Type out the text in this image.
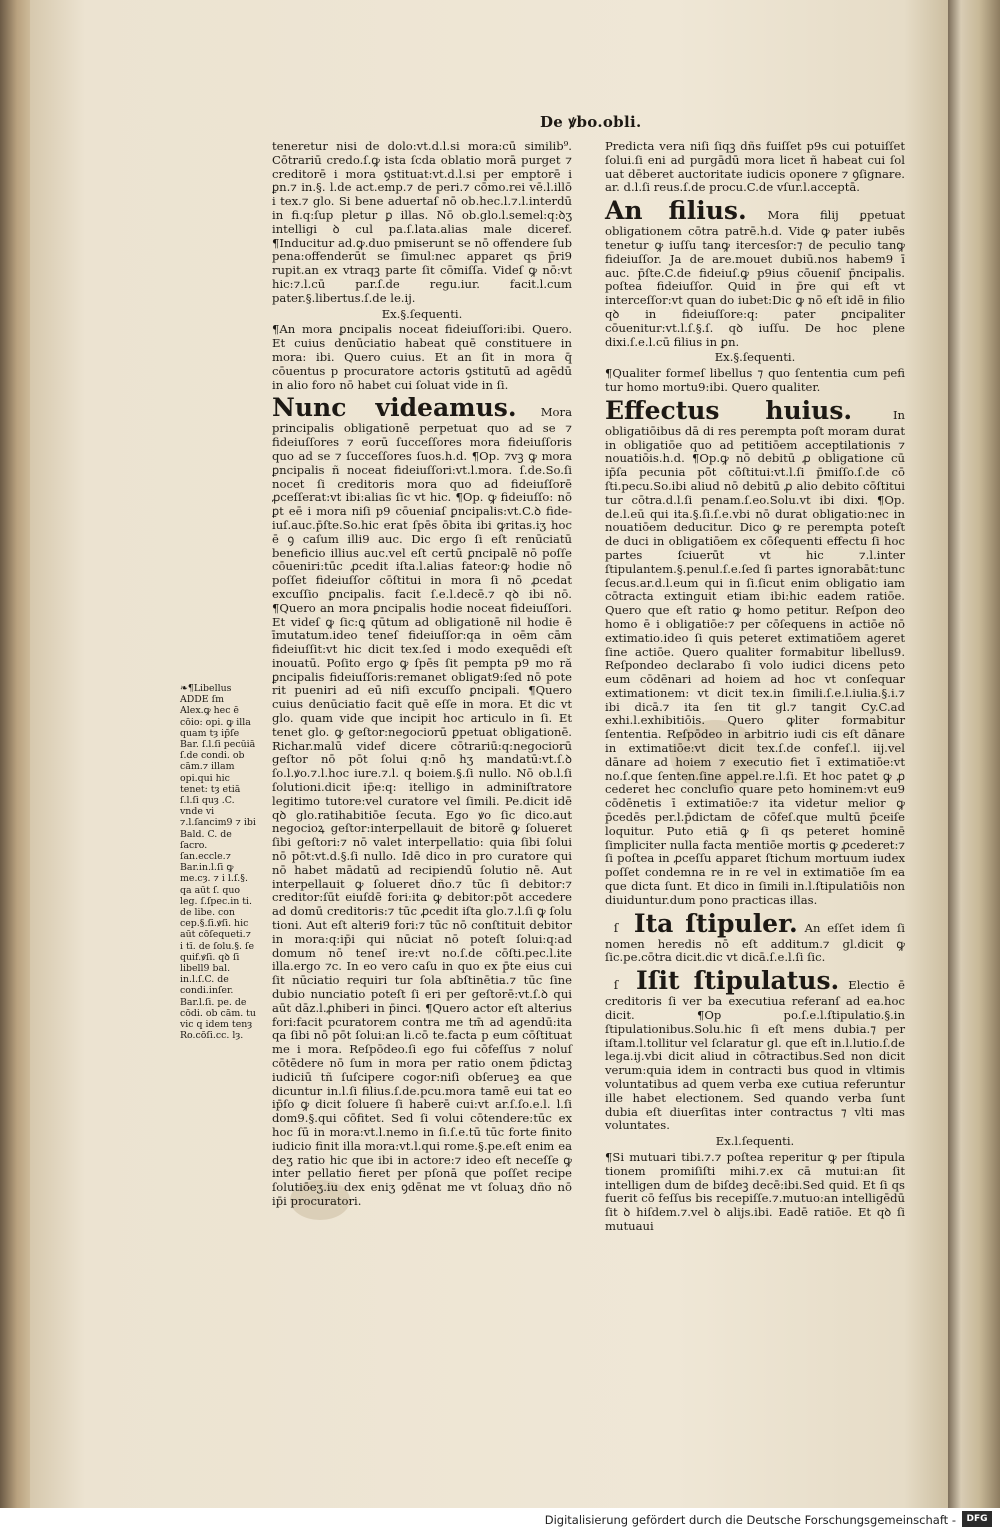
De ꝟbo.obli.
❧¶Libellus ADDE ſm Alex.ꝙ hec ē cōio: opi. ꝙ illa quam tȝ ip̄ſe Bar. ſ.l.ſi pecūiā ſ.de condi. ob cām.⁊ illam opi.qui hic tenet: tȝ etiā ſ.l.ſi quȝ .C. vnde vi ⁊.l.ſancim9 ⁊ ibi Bald. C. de ſacro. ſan.eccle.⁊ Bar.in.l.ſi ꝙ me.cȝ. ⁊ i l.ſ.§. qa aūt ſ. quo leg. ſ.ſpec.in ti. de libe. con cep.§.ſi.ꝟſi. hic aūt cōſequeti.⁊ i tī. de ſolu.§. ſe quif.ꝟſi. qꝺ ſi libell9 bal. in.l.ſ.C. de condi.inſer. Bar.l.ſi. pe. de cōdi. ob cām. tu vic q idem tenȝ Ro.cōſi.cc. lȝ.

teneretur nisi de dolo:vt.d.l.si mora:cū similib⁹. Cōtrariū credo.ſ.ꝙ ista ſcda oblatio morā purget ⁊ creditorē i mora ꝯstituat:vt.d.l.si per emptorē i ꝑn.⁊ in.§. l.de act.emp.⁊ de peri.⁊ cōmo.rei vē.l.illō i tex.⁊ glo. Si bene aduertaſ nō ob.hec.l.⁊.l.interdū in fi.q:ſup pletur ꝑ illas. Nō ob.glo.l.semel:q:ꝺʒ intelligi ꝺ cul pa.ſ.lata.alias male diceref. ¶Inducitur ad.ꝙ.duo pmiserunt se nō offendere ſub pena:offenderūt se ſimul:nec apparet qs p̄ri9 rupit.an ex vtraqꝫ parte ſit cōmiſſa. Videſ ꝙ nō:vt hic:⁊.l.cū par.ſ.de regu.iur. facit.l.cum pater.§.libertus.ſ.de le.ij.

Ex.§.ſequenti.

¶An mora ꝑncipalis noceat fideiuſſori:ibi. Quero. Et cuius denūciatio habeat quē constituere in mora: ibi. Quero cuius. Et an ſit in mora q̄ cōuentus p procuratore actoris ꝯstitutū ad agēdū in alio foro nō habet cui ſoluat vide in ſi.

Nunc videamus. Mora principalis obligationē perpetuat quo ad se ⁊ fideiuſſores ⁊ eorū ſucceſſores mora fideiuſſoris quo ad se ⁊ ſucceſſores ſuos.h.d. ¶Op. ⁊vꝫ ꝙ mora ꝑncipalis ñ noceat fideiuſſori:vt.l.mora. ſ.de.So.ſi nocet ſi creditoris mora quo ad fideiuſſorē ꝓceſſerat:vt ibi:alias ſic vt hic. ¶Op. ꝙ fideiuſſo: nō ꝑt eē i mora niſi p9 cōueniaſ ꝑncipalis:vt.C.ꝺ fideiuſ.auc.p̄ſte.So.hic erat ſpēs ōbita ibi ꝙritas.iʒ hoc ē ꝯ caſum illi9 auc. Dic ergo ſi eſt renūciatū beneficio illius auc.vel eſt certū ꝑncipalē nō poſſe cōueniri:tūc ꝓcedit iſta.l.alias fateor:ꝙ hodie nō poſſet fideiuſſor cōſtitui in mora ſi nō ꝓcedat excuſſio ꝑncipalis. facit ſ.e.l.decē.⁊ qꝺ ibi nō. ¶Quero an mora ꝑncipalis hodie noceat fideiuſſori. Et videſ ꝙ ſic:ꝗ qūtum ad obligationē nil hodie ē īmutatum.ideo teneſ fideiuſſor:qa in oēm cām fideiuſſit:vt hic dicit tex.ſed i modo exequēdi eſt inouatū. Poſito ergo ꝙ ſpēs ſit pempta p9 mo ră ꝑncipalis fideiuſſoris:remanet obligat9:ſed nō pote rit pueniri ad eū niſi excuſſo ꝑncipali. ¶Quero cuius denūciatio facit quē eſſe in mora. Et dic vt glo. quam vide que incipit hoc articulo in ſi. Et tenet glo. ꝙ geſtor:negociorū ꝑpetuat obligationē. Richar.malū videf dicere cōtrariū:q:negociorū geſtor nō pōt ſolui q:nō hʒ mandatū:vt.ſ.ꝺ ſo.l.ꝟo.⁊.l.hoc iure.⁊.l. q boiem.§.ſi nullo. Nō ob.l.ſi ſolutioni.dicit ip̄e:q: itelligo in adminiſtratore legitimo tutore:vel curatore vel ſimili. Pe.dicit idē qꝺ glo.ratihabitiōe ſecuta. Ego ꝟo ſic dico.aut negocioꝝ geſtor:interpellauit de bitorē ꝙ ſolueret ſibi geſtori:⁊ nō valet interpellatio: quia ſibi ſolui nō pōt:vt.d.§.ſi nullo. Idē dico in pro curatore qui nō habet mādatū ad recipiendū ſolutio nē. Aut interpellauit ꝙ ſolueret dño.⁊ tūc ſi debitor:⁊ creditor:ſūt eiuſdē fori:ita ꝙ debitor:pōt accedere ad domū creditoris:⁊ tūc ꝓcedit iſta glo.⁊.l.ſi ꝙ ſolu tioni. Aut eſt alteri9 fori:⁊ tūc nō conſtituit debitor in mora:q:ip̄i qui nūciat nō poteſt ſolui:q:ad domum nō teneſ ire:vt no.ſ.de cōſti.pec.l.ite illa.ergo ⁊c. In eo vero caſu in quo ex p̄te eius cui ſit nūciatio requiri tur ſola abſtinētia.⁊ tūc ſine dubio nunciatio poteſt ſi eri per geſtorē:vt.ſ.ꝺ qui aūt dāz.l.ꝓhiberi in p̄inci. ¶Quero actor eſt alterius fori:facit pcuratorem contra me tm̄ ad agendū:ita qa ſibi nō pōt ſolui:an li.cō te.facta p eum cōſtituat me i mora. Reſpōdeo.ſi ego fui cōfeſſus ⁊ noluſ cōtēdere nō ſum in mora per ratio onem p̄dictaꝫ iudiciū tñ ſuſcipere cogor:niſi obſerueꝫ ea que dicuntur in.l.ſi filius.ſ.de.pcu.mora tamē eui tat eo ip̄ſo ꝙ dicit ſoluere ſi haberē cui:vt ar.ſ.ſo.e.l. l.ſi dom9.§.qui cōfitet. Sed ſi volui cōtendere:tūc ex hoc ſū in mora:vt.l.nemo in ſi.ſ.e.tū tūc forte finito iudicio finit illa mora:vt.l.qui rome.§.pe.eſt enim ea deʒ ratio hic que ibi in actore:⁊ ideo eſt neceſſe ꝙ inter pellatio fieret per pſonā que poſſet recipe ſolutiōeʒ.iu dex eniʒ ꝯdēnat me vt ſoluaʒ dño nō ip̄i procuratori.

Predicta vera niſi ſiqꝫ dñs fuiſſet p9s cui potuiſſet ſolui.ſi eni ad purgādū mora licet ñ habeat cui ſol uat dēberet auctoritate iudicis oponere ⁊ ꝯſignare. ar. d.l.ſi reus.ſ.de procu.C.de vſur.l.acceptā.

An filius. Mora filij ꝑpetuat obligationem cōtra patrē.h.d. Vide ꝙ pater iubēs tenetur ꝙ iuſſu tanꝙ itercesſor:⁊ de peculio tanꝙ fideiuſſor. Ja de are.mouet dubiū.nos habem9 ī auc. p̄ſte.C.de fideiuſ.ꝙ p9ius cōueniſ p̄ncipalis. poſtea fideiuſſor. Quid in p̄re qui eſt vt interceſſor:vt quan do iubet:Dic ꝙ nō eſt idē in filio qꝺ in fideiuſſore:q: pater ꝑncipaliter cōuenitur:vt.l.ſ.§.ſ. qꝺ iuſſu. De hoc plene dixi.ſ.e.l.cū filius in ꝑn.

Ex.§.ſequenti.

¶Qualiter formeſ libellus ⁊ quo ſententia cum pefi tur homo mortu9:ibi. Quero qualiter.

Effectus huius.	In obligatiōibus dā di res perempta poſt moram durat in obligatiōe quo ad petitiōem acceptilationis ⁊ nouatiōis.h.d. ¶Op.ꝙ nō debitū ꝓ obligatione cū ip̄ſa pecunia pōt cōſtitui:vt.l.ſi p̄miſſo.ſ.de cō ſti.pecu.So.ibi aliud nō debitū ꝓ alio debito cōſtitui tur cōtra.d.l.ſi penam.ſ.eo.Solu.vt ibi dixi. ¶Op. de.l.eū qui ita.§.ſi.ſ.e.vbi nō durat obligatio:nec in nouatiōem deducitur. Dico ꝙ re perempta poteſt de duci in obligatiōem ex cōſequenti effectu ſi hoc partes ſciuerūt vt hic ⁊.l.inter ſtipulantem.§.penul.ſ.e.ſed ſi partes ignorabāt:tunc ſecus.ar.d.l.eum qui in ſi.ſicut enim obligatio iam cōtracta extinguit etiam ibi:hic eadem ratiōe. Quero que eſt ratio ꝙ homo petitur. Reſpon deo homo ē i obligatiōe:⁊ per cōſequens in actiōe nō extimatio.ideo ſi quis peteret extimatiōem ageret ſine actiōe. Quero qualiter formabitur libellus9. Reſpondeo declarabo ſi volo iudici dicens peto eum cōdēnari ad hoiem ad hoc vt conſequar extimationem: vt dicit tex.in ſimili.ſ.e.l.iulia.§.i.⁊ ibi dicā.⁊ ita ſen tit gl.⁊ tangit Cy.C.ad exhi.l.exhibitiōis. Quero ꝙliter formabitur ſententia. Reſpōdeo in arbitrio iudi cis eſt dānare in extimatiōe:vt dicit tex.ſ.de confeſ.l. iij.vel dānare ad hoiem ⁊ executio fiet ī extimatiōe:vt no.ſ.que ſenten.ſine appel.re.l.ſi. Et hoc patet ꝙ ꝓ cederet hec concluſio quare peto hominem:vt eu9 cōdēnetis ī extimatiōe:⁊ ita videtur melior ꝙ p̄cedēs per.l.p̄dictam de cōfeſ.que multū p̄ceiſe loquitur. Puto etiā ꝙ ſi qs peteret hominē ſimpliciter nulla facta mentiōe mortis ꝙ ꝓcederet:⁊ ſi poſtea in ꝓceſſu apparet ſtichum mortuum iudex poſſet condemna re in re vel in extimatiōe ſm ea que dicta ſunt. Et dico in ſimili in.l.ſtipulatiōis non diuiduntur.dum pono practicas illas.

ſ Ita ſtipuler. An eſſet idem ſi nomen heredis nō eſt additum.⁊ gl.dicit ꝙ ſic.pe.cōtra dicit.dic vt dicā.ſ.e.l.ſi ſic.

ſ Iſit ſtipulatus. Electio ē creditoris ſi ver ba executiua referanſ ad ea.hoc dicit. ¶Op po.ſ.e.l.ſtipulatio.§.in ſtipulationibus.Solu.hic ſi eſt mens dubia.⁊ per iſtam.l.tollitur vel ſclaratur gl. que eſt in.l.lutio.ſ.de lega.ij.vbi dicit aliud in cōtractibus.Sed non dicit verum:quia idem in contracti bus quod in vltimis voluntatibus ad quem verba exe cutiua referuntur ille habet electionem. Sed quando verba ſunt dubia eſt diuerſitas inter contractus ⁊ vlti mas voluntates.

Ex.l.ſequenti.

¶Si mutuari tibi.⁊.⁊ poſtea reperitur ꝙ per ſtipula tionem promiſiſti mihi.⁊.ex cā mutui:an ſit intelligen dum de biſdeꝫ decē:ibi.Sed quid. Et ſi qs fuerit cō feſſus bis recepiſſe.⁊.mutuo:an intelligēdū ſit ꝺ hiſdem.⁊.vel ꝺ alijs.ibi. Eadē ratiōe. Et qꝺ ſi mutuaui

Digitalisierung gefördert durch die Deutsche Forschungsgemeinschaft -	DFG
